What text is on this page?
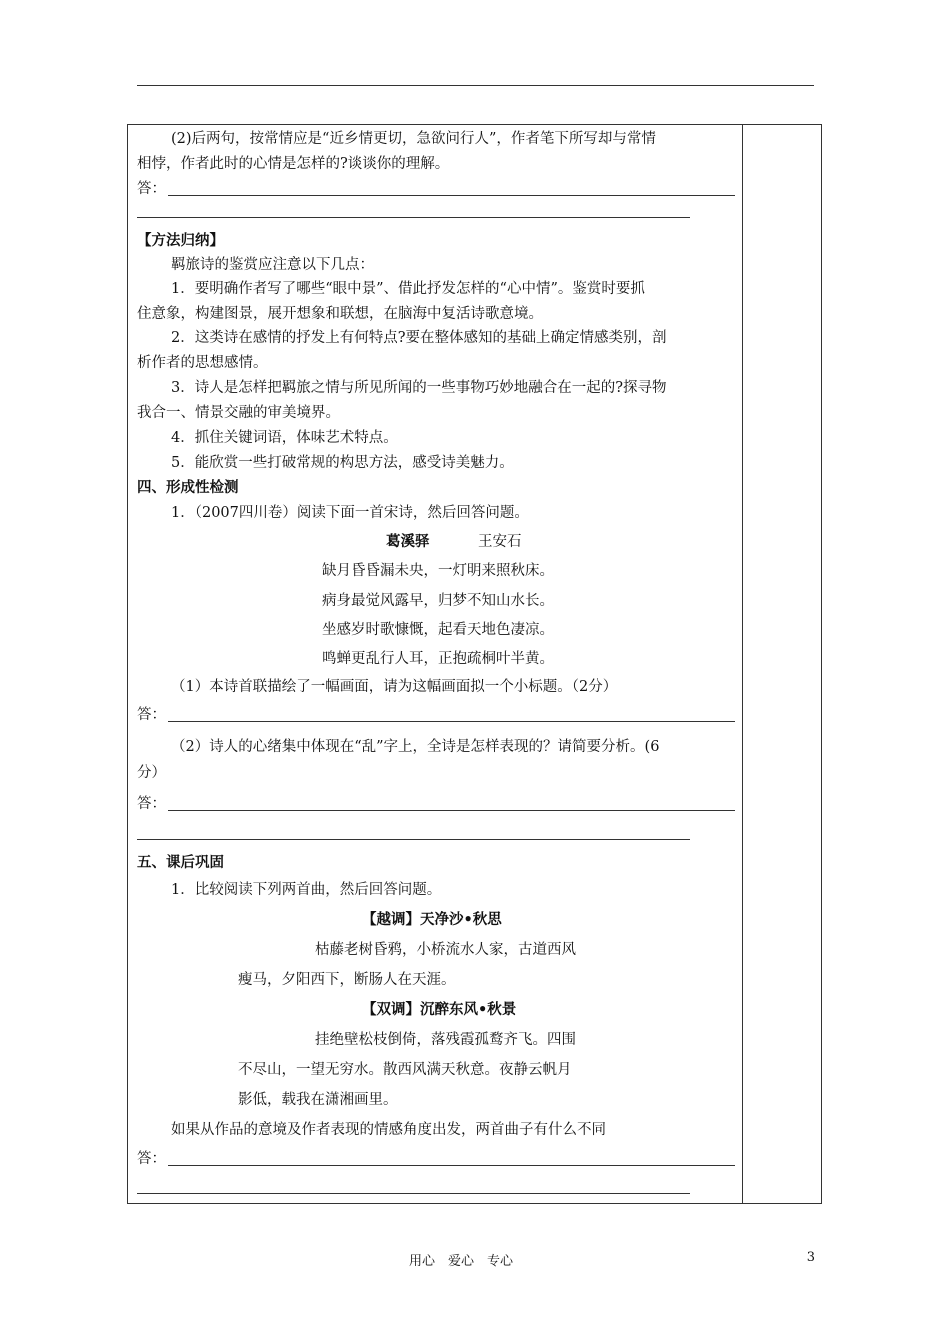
(2)后两句，按常情应是“近乡情更切，急欲问行人”，作者笔下所写却与常情
相悖，作者此时的心情是怎样的?谈谈你的理解。
答：
【方法归纳】
羁旅诗的鉴赏应注意以下几点：
1．要明确作者写了哪些“眼中景”、借此抒发怎样的“心中情”。鉴赏时要抓
住意象，构建图景，展开想象和联想，在脑海中复活诗歌意境。
2．这类诗在感情的抒发上有何特点?要在整体感知的基础上确定情感类别，剖
析作者的思想感情。
3．诗人是怎样把羁旅之情与所见所闻的一些事物巧妙地融合在一起的?探寻物
我合一、情景交融的审美境界。
4．抓住关键词语，体味艺术特点。
5．能欣赏一些打破常规的构思方法，感受诗美魅力。
四、形成性检测
1．（2007四川卷）阅读下面一首宋诗，然后回答问题。
葛溪驿	王安石
缺月昏昏漏未央，一灯明来照秋床。
病身最觉风露早，归梦不知山水长。
坐感岁时歌慷慨，起看天地色凄凉。
鸣蝉更乱行人耳，正抱疏桐叶半黄。
（1）本诗首联描绘了一幅画面，请为这幅画面拟一个小标题。（2分）
答：
（2）诗人的心绪集中体现在“乱”字上，全诗是怎样表现的？请简要分析。(6
分）
答：
五、课后巩固
1．比较阅读下列两首曲，然后回答问题。
【越调】天净沙•秋思
枯藤老树昏鸦，小桥流水人家，古道西风
瘦马，夕阳西下，断肠人在天涯。
【双调】沉醉东风•秋景
挂绝壁松枝倒倚，落残霞孤鹜齐飞。四围
不尽山，一望无穷水。散西风满天秋意。夜静云帆月
影低，载我在潇湘画里。
如果从作品的意境及作者表现的情感角度出发，两首曲子有什么不同
答：
用心　爱心　专心	3
